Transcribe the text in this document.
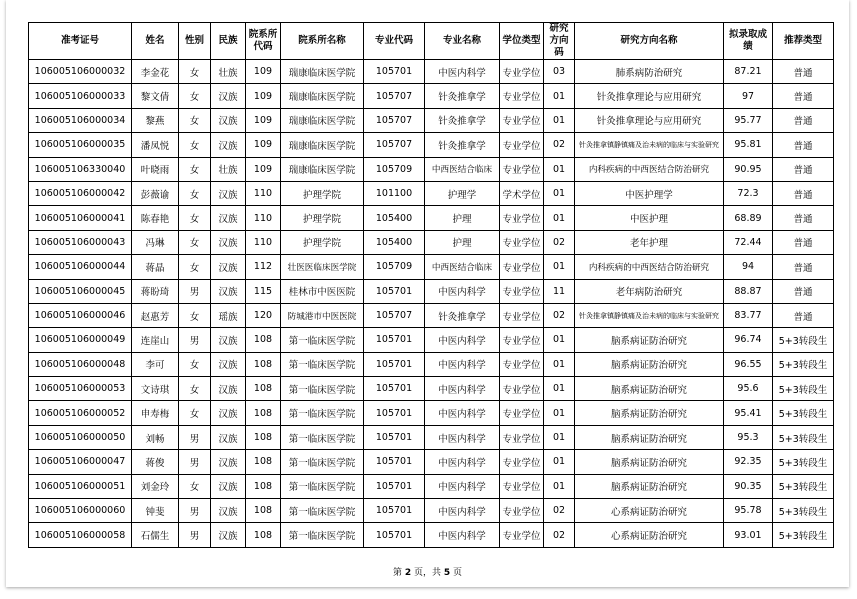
准考证号	姓名	性别	民族	院系所代码	院系所名称	专业代码	专业名称	学位类型	研究方向码	研究方向名称	拟录取成绩	推荐类型
106005106000032	李金花	女	壮族	109	瑞康临床医学院	105701	中医内科学	专业学位	03	肺系病防治研究	87.21	普通
106005106000033	黎文倩	女	汉族	109	瑞康临床医学院	105707	针灸推拿学	专业学位	01	针灸推拿理论与应用研究	97	普通
106005106000034	黎燕	女	汉族	109	瑞康临床医学院	105707	针灸推拿学	专业学位	01	针灸推拿理论与应用研究	95.77	普通
106005106000035	潘凤悦	女	汉族	109	瑞康临床医学院	105707	针灸推拿学	专业学位	02	针灸推拿镇静镇痛及治未病的临床与实验研究	95.81	普通
106005106330040	叶晓雨	女	壮族	109	瑞康临床医学院	105709	中西医结合临床	专业学位	01	内科疾病的中西医结合防治研究	90.95	普通
106005106000042	彭薇谕	女	汉族	110	护理学院	101100	护理学	学术学位	01	中医护理学	72.3	普通
106005106000041	陈春艳	女	汉族	110	护理学院	105400	护理	专业学位	01	中医护理	68.89	普通
106005106000043	冯琳	女	汉族	110	护理学院	105400	护理	专业学位	02	老年护理	72.44	普通
106005106000044	蒋晶	女	汉族	112	壮医医临床医学院	105709	中西医结合临床	专业学位	01	内科疾病的中西医结合防治研究	94	普通
106005106000045	蒋盼琦	男	汉族	115	桂林市中医医院	105701	中医内科学	专业学位	11	老年病防治研究	88.87	普通
106005106000046	赵惠芳	女	瑶族	120	防城港市中医医院	105707	针灸推拿学	专业学位	02	针灸推拿镇静镇痛及治未病的临床与实验研究	83.77	普通
106005106000049	连崖山	男	汉族	108	第一临床医学院	105701	中医内科学	专业学位	01	脑系病证防治研究	96.74	5+3转段生
106005106000048	李可	女	汉族	108	第一临床医学院	105701	中医内科学	专业学位	01	脑系病证防治研究	96.55	5+3转段生
106005106000053	文诗琪	女	汉族	108	第一临床医学院	105701	中医内科学	专业学位	01	脑系病证防治研究	95.6	5+3转段生
106005106000052	申寿梅	女	汉族	108	第一临床医学院	105701	中医内科学	专业学位	01	脑系病证防治研究	95.41	5+3转段生
106005106000050	刘畅	男	汉族	108	第一临床医学院	105701	中医内科学	专业学位	01	脑系病证防治研究	95.3	5+3转段生
106005106000047	蒋俊	男	汉族	108	第一临床医学院	105701	中医内科学	专业学位	01	脑系病证防治研究	92.35	5+3转段生
106005106000051	刘金玲	女	汉族	108	第一临床医学院	105701	中医内科学	专业学位	01	脑系病证防治研究	90.35	5+3转段生
106005106000060	钟斐	男	汉族	108	第一临床医学院	105701	中医内科学	专业学位	02	心系病证防治研究	95.78	5+3转段生
106005106000058	石儒生	男	汉族	108	第一临床医学院	105701	中医内科学	专业学位	02	心系病证防治研究	93.01	5+3转段生
第 2 页，共 5 页
